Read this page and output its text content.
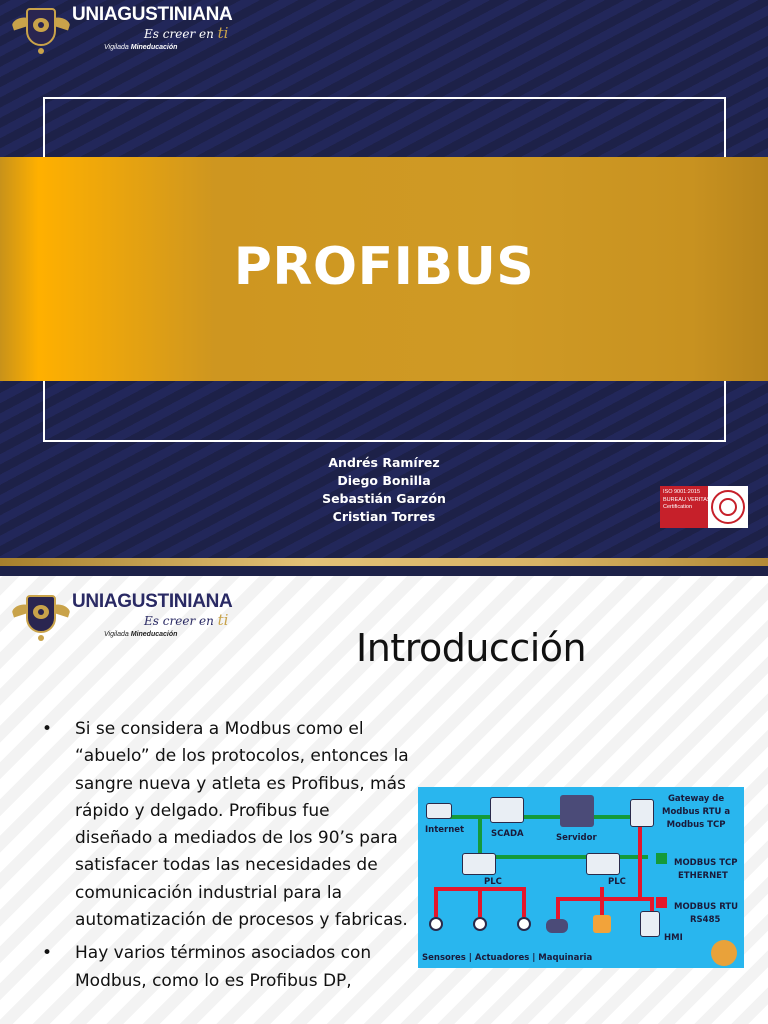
UNIAGUSTINIANA
Es creer en ti
Vigilada Mineducación
PROFIBUS
Andrés Ramírez
Diego Bonilla
Sebastián Garzón
Cristian Torres
ISO 9001:2015
BUREAU VERITAS
Certification
UNIAGUSTINIANA
Es creer en ti
Vigilada Mineducación	Introducción
• Si se considera a Modbus como el “abuelo” de los protocolos, entonces la sangre nueva y atleta es Profibus, más rápido y delgado. Profibus fue diseñado a mediados de los 90’s para satisfacer todas las necesidades de comunicación industrial para la automatización de procesos y fabricas.
• Hay varios términos asociados con Modbus, como lo es Profibus DP,
Internet	SCADA	Servidor
Gateway de
Modbus RTU a
Modbus TCP
PLC	PLC
HMI
MODBUS TCP
ETHERNET
MODBUS RTU
RS485
Sensores | Actuadores | Maquinaria
